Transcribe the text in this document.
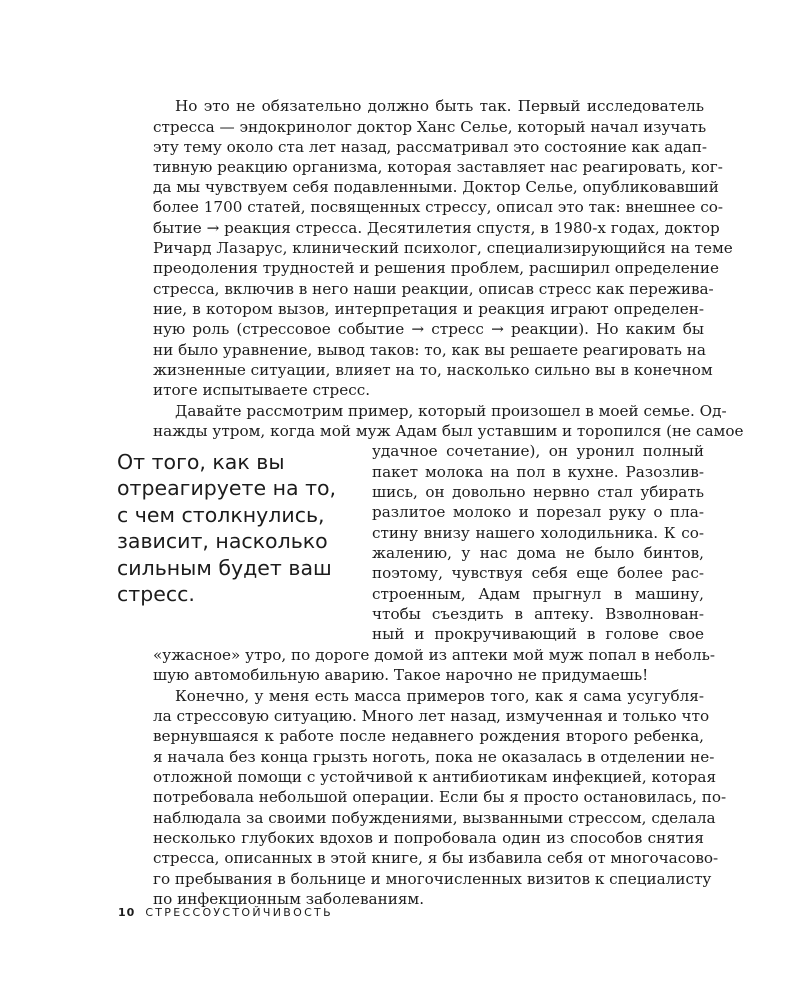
Но это не обязательно должно быть так. Первый исследователь
стресса — эндокринолог доктор Ханс Селье, который начал изучать
эту тему около ста лет назад, рассматривал это состояние как адап-
тивную реакцию организма, которая заставляет нас реагировать, ког-
да мы чувствуем себя подавленными. Доктор Селье, опубликовавший
более 1700 статей, посвященных стрессу, описал это так: внешнее со-
бытие → реакция стресса. Десятилетия спустя, в 1980-х годах, доктор
Ричард Лазарус, клинический психолог, специализирующийся на теме
преодоления трудностей и решения проблем, расширил определение
стресса, включив в него наши реакции, описав стресс как пережива-
ние, в котором вызов, интерпретация и реакция играют определен-
ную роль (стрессовое событие → стресс → реакции). Но каким бы
ни было уравнение, вывод таков: то, как вы решаете реагировать на
жизненные ситуации, влияет на то, насколько сильно вы в конечном
итоге испытываете стресс.
Давайте рассмотрим пример, который произошел в моей семье. Од-
нажды утром, когда мой муж Адам был уставшим и торопился (не самое
удачное сочетание), он уронил полный
пакет молока на пол в кухне. Разозлив-
шись, он довольно нервно стал убирать
разлитое молоко и порезал руку о пла-
стину внизу нашего холодильника. К со-
жалению, у нас дома не было бинтов,
поэтому, чувствуя себя еще более рас-
строенным, Адам прыгнул в машину,
чтобы съездить в аптеку. Взволнован-
ный и прокручивающий в голове свое
«ужасное» утро, по дороге домой из аптеки мой муж попал в неболь-
шую автомобильную аварию. Такое нарочно не придумаешь!
Конечно, у меня есть масса примеров того, как я сама усугубля-
ла стрессовую ситуацию. Много лет назад, измученная и только что
вернувшаяся к работе после недавнего рождения второго ребенка,
я начала без конца грызть ноготь, пока не оказалась в отделении не-
отложной помощи с устойчивой к антибиотикам инфекцией, которая
потребовала небольшой операции. Если бы я просто остановилась, по-
наблюдала за своими побуждениями, вызванными стрессом, сделала
несколько глубоких вдохов и попробовала один из способов снятия
стресса, описанных в этой книге, я бы избавила себя от многочасово-
го пребывания в больнице и многочисленных визитов к специалисту
по инфекционным заболеваниям.
От того, как вы
отреагируете на то,
с чем столкнулись,
зависит, насколько
сильным будет ваш
стресс.
10 СТРЕССОУСТОЙЧИВОСТЬ
